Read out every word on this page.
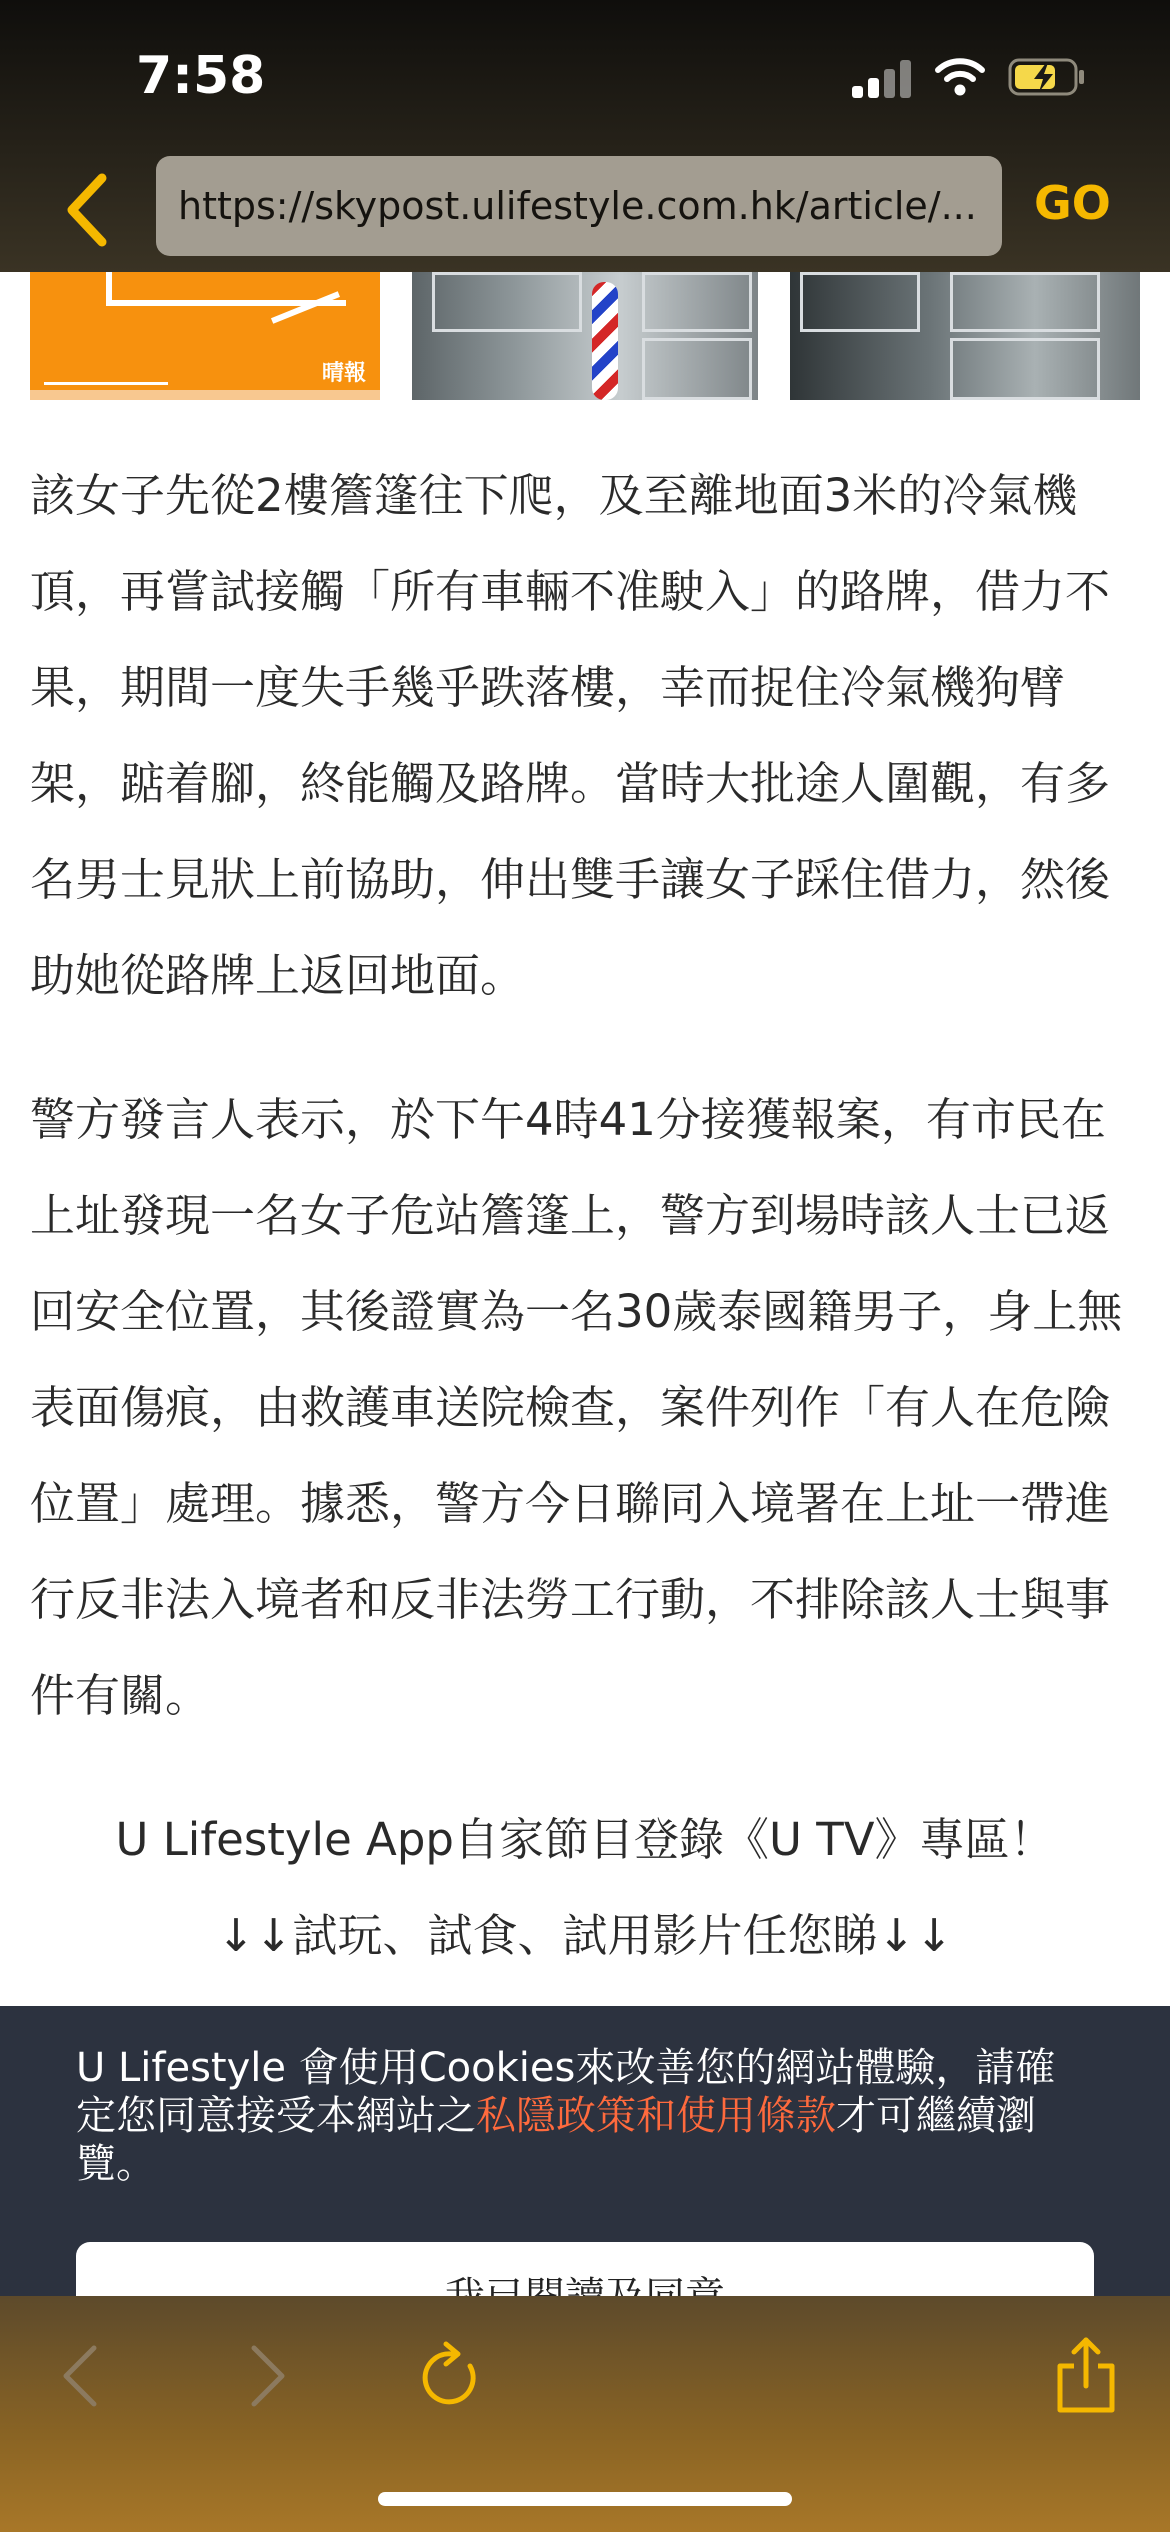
7:58
https://skypost.ulifestyle.com.hk/article/...	GO
晴報

該女子先從2樓簷篷往下爬，及至離地面3米的冷氣機頂，再嘗試接觸「所有車輛不准駛入」的路牌，借力不果，期間一度失手幾乎跌落樓，幸而捉住冷氣機狗臂架，踮着腳，終能觸及路牌。當時大批途人圍觀，有多名男士見狀上前協助，伸出雙手讓女子踩住借力，然後助她從路牌上返回地面。

警方發言人表示，於下午4時41分接獲報案，有市民在上址發現一名女子危站簷篷上，警方到場時該人士已返回安全位置，其後證實為一名30歲泰國籍男子，身上無表面傷痕，由救護車送院檢查，案件列作「有人在危險位置」處理。據悉，警方今日聯同入境署在上址一帶進行反非法入境者和反非法勞工行動，不排除該人士與事件有關。

U Lifestyle App自家節目登錄《U TV》專區！
↓↓試玩、試食、試用影片任您睇↓↓
U Lifestyle 會使用Cookies來改善您的網站體驗，請確定您同意接受本網站之私隱政策和使用條款才可繼續瀏覽。
